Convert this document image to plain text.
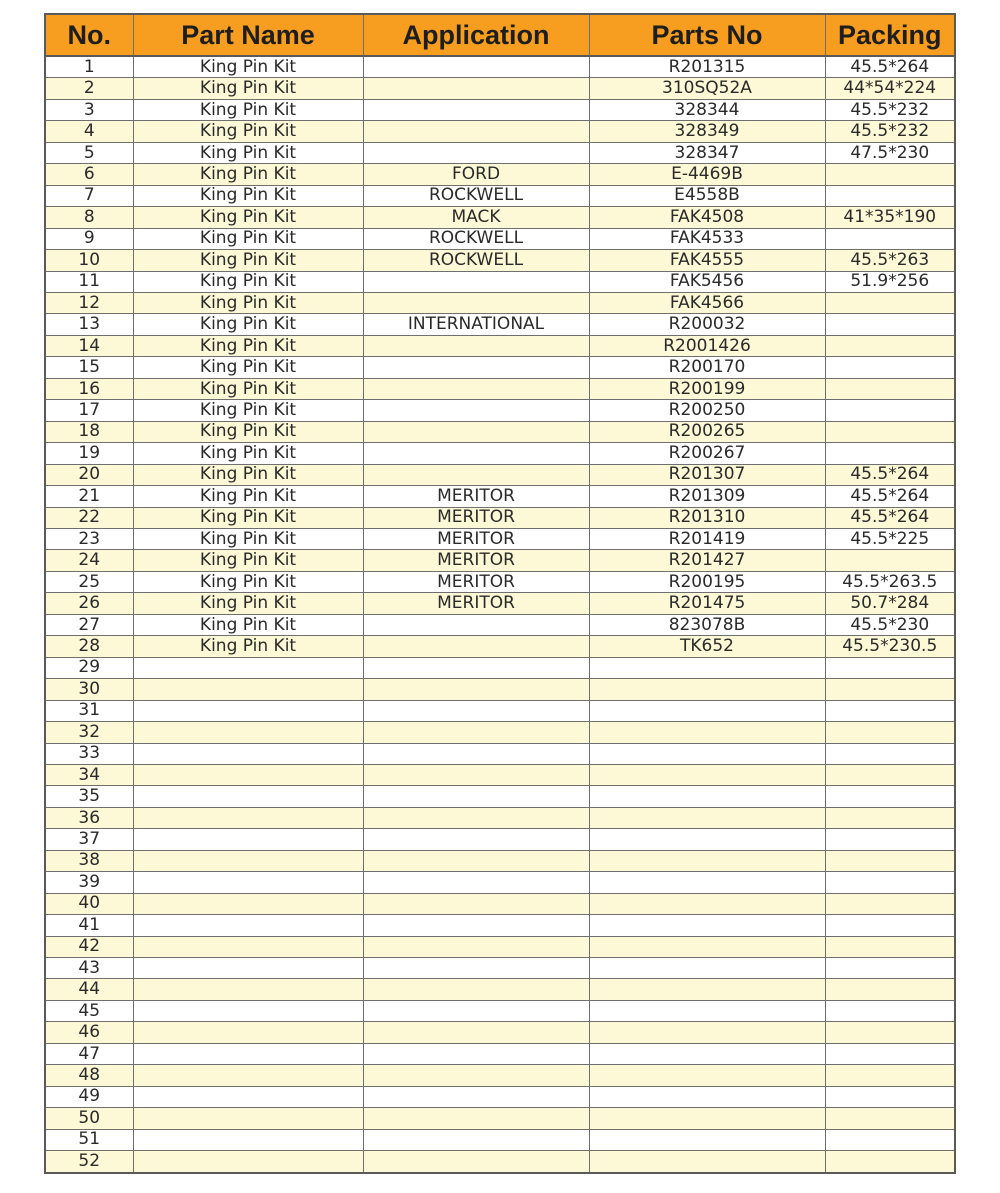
No.	Part Name	Application	Parts No	Packing
1	King Pin Kit		R201315	45.5*264
2	King Pin Kit		310SQ52A	44*54*224
3	King Pin Kit		328344	45.5*232
4	King Pin Kit		328349	45.5*232
5	King Pin Kit		328347	47.5*230
6	King Pin Kit	FORD	E-4469B	
7	King Pin Kit	ROCKWELL	E4558B	
8	King Pin Kit	MACK	FAK4508	41*35*190
9	King Pin Kit	ROCKWELL	FAK4533	
10	King Pin Kit	ROCKWELL	FAK4555	45.5*263
11	King Pin Kit		FAK5456	51.9*256
12	King Pin Kit		FAK4566	
13	King Pin Kit	INTERNATIONAL	R200032	
14	King Pin Kit		R2001426	
15	King Pin Kit		R200170	
16	King Pin Kit		R200199	
17	King Pin Kit		R200250	
18	King Pin Kit		R200265	
19	King Pin Kit		R200267	
20	King Pin Kit		R201307	45.5*264
21	King Pin Kit	MERITOR	R201309	45.5*264
22	King Pin Kit	MERITOR	R201310	45.5*264
23	King Pin Kit	MERITOR	R201419	45.5*225
24	King Pin Kit	MERITOR	R201427	
25	King Pin Kit	MERITOR	R200195	45.5*263.5
26	King Pin Kit	MERITOR	R201475	50.7*284
27	King Pin Kit		823078B	45.5*230
28	King Pin Kit		TK652	45.5*230.5
29				
30				
31				
32				
33				
34				
35				
36				
37				
38				
39				
40				
41				
42				
43				
44				
45				
46				
47				
48				
49				
50				
51				
52				
